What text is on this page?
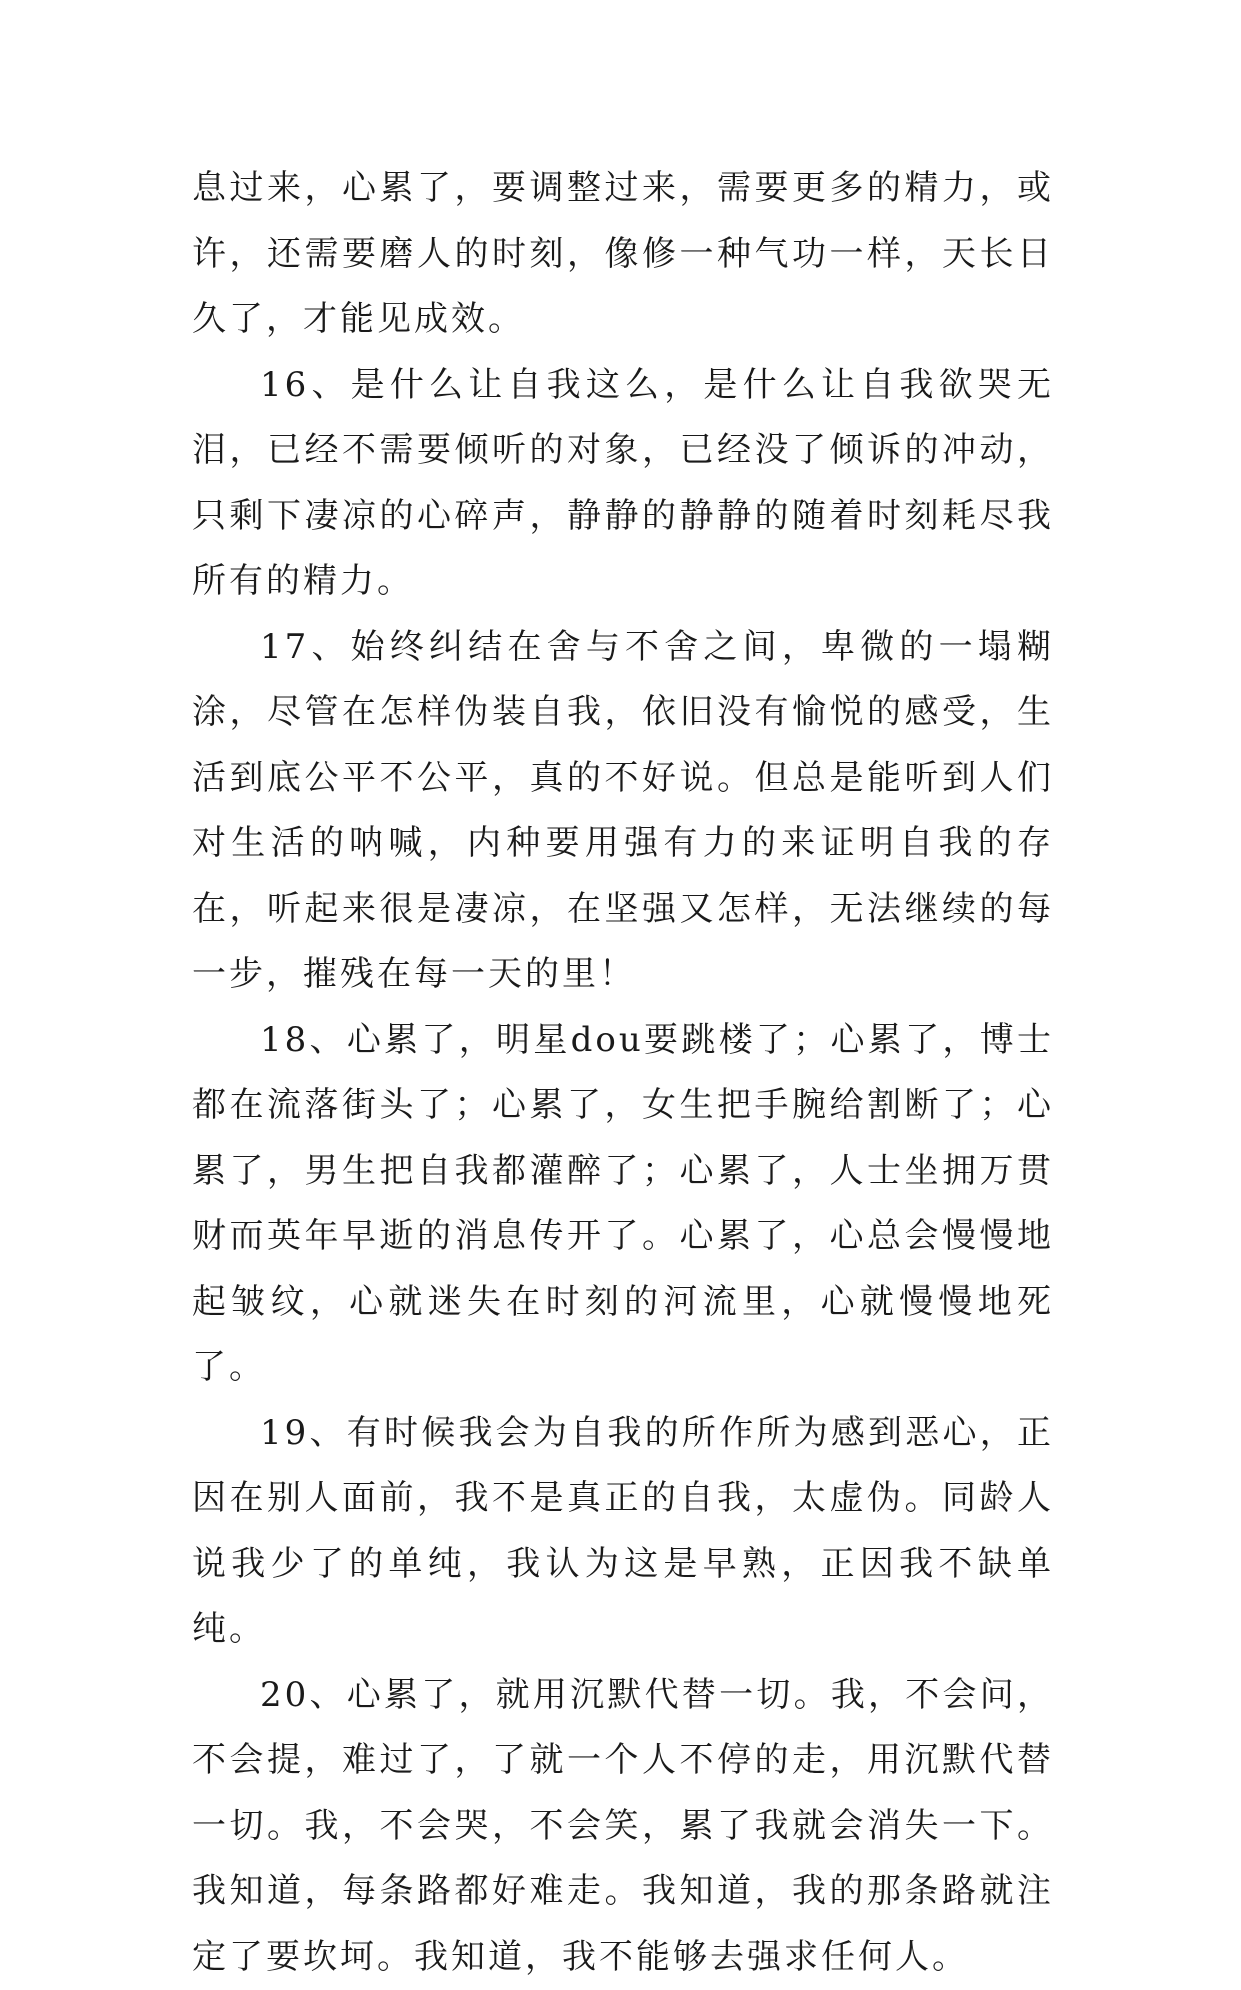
息过来，心累了，要调整过来，需要更多的精力，或许，还需要磨人的时刻，像修一种气功一样，天长日久了，才能见成效。

16、是什么让自我这么，是什么让自我欲哭无泪，已经不需要倾听的对象，已经没了倾诉的冲动，只剩下凄凉的心碎声，静静的静静的随着时刻耗尽我所有的精力。

17、始终纠结在舍与不舍之间，卑微的一塌糊涂，尽管在怎样伪装自我，依旧没有愉悦的感受，生活到底公平不公平，真的不好说。但总是能听到人们对生活的呐喊，内种要用强有力的来证明自我的存在，听起来很是凄凉，在坚强又怎样，无法继续的每一步，摧残在每一天的里！

18、心累了，明星dou要跳楼了；心累了，博士都在流落街头了；心累了，女生把手腕给割断了；心累了，男生把自我都灌醉了；心累了，人士坐拥万贯财而英年早逝的消息传开了。心累了，心总会慢慢地起皱纹，心就迷失在时刻的河流里，心就慢慢地死了。

19、有时候我会为自我的所作所为感到恶心，正因在别人面前，我不是真正的自我，太虚伪。同龄人说我少了的单纯，我认为这是早熟，正因我不缺单纯。

20、心累了，就用沉默代替一切。我，不会问，不会提，难过了，了就一个人不停的走，用沉默代替一切。我，不会哭，不会笑，累了我就会消失一下。我知道，每条路都好难走。我知道，我的那条路就注定了要坎坷。我知道，我不能够去强求任何人。
